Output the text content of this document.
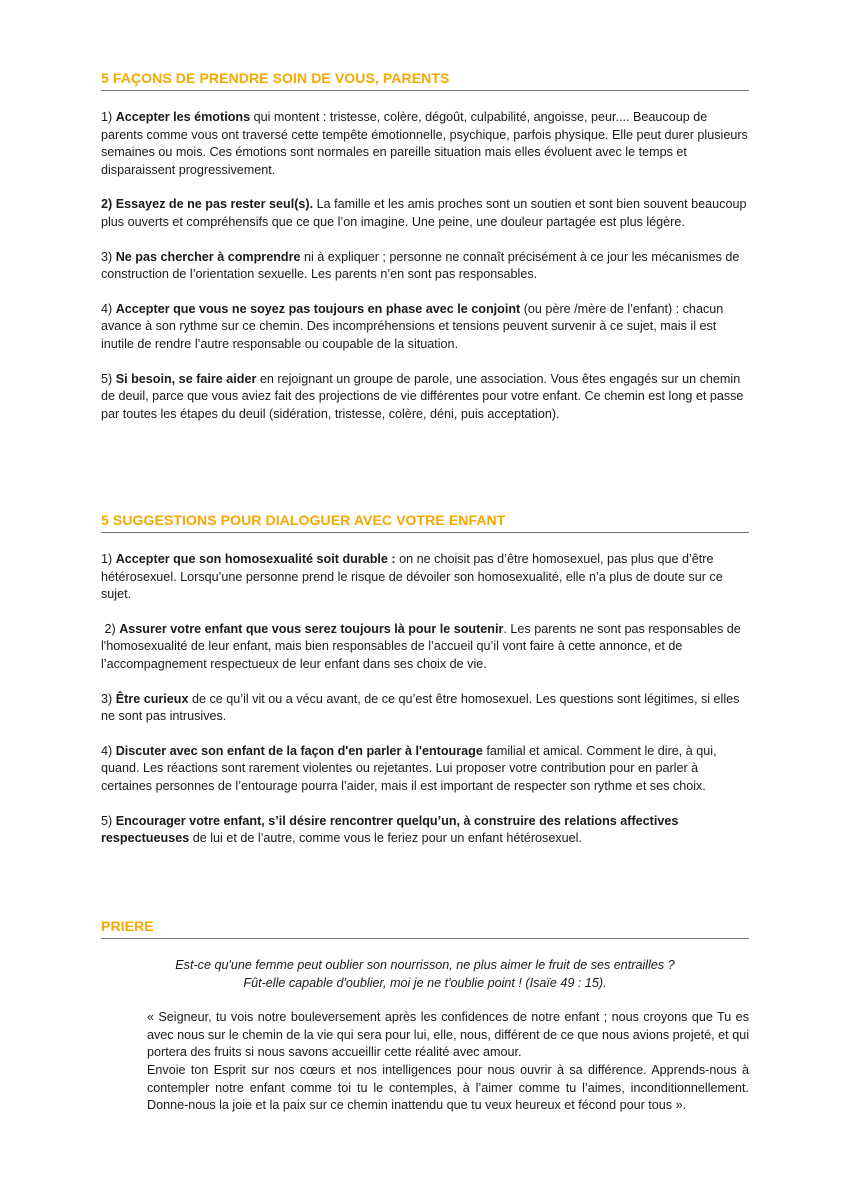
5 FAÇONS DE PRENDRE SOIN DE VOUS, PARENTS

1) Accepter les émotions qui montent : tristesse, colère, dégoût, culpabilité, angoisse, peur.... Beaucoup de parents comme vous ont traversé cette tempête émotionnelle, psychique, parfois physique. Elle peut durer plusieurs semaines ou mois. Ces émotions sont normales en pareille situation mais elles évoluent avec le temps et disparaissent progressivement.

2) Essayez de ne pas rester seul(s). La famille et les amis proches sont un soutien et sont bien souvent beaucoup plus ouverts et compréhensifs que ce que l’on imagine. Une peine, une douleur partagée est plus légère.

3) Ne pas chercher à comprendre ni à expliquer ; personne ne connaît précisément à ce jour les mécanismes de construction de l’orientation sexuelle. Les parents n’en sont pas responsables.

4) Accepter que vous ne soyez pas toujours en phase avec le conjoint (ou père /mère de l’enfant) : chacun avance à son rythme sur ce chemin. Des incompréhensions et tensions peuvent survenir à ce sujet, mais il est inutile de rendre l’autre responsable ou coupable de la situation.

5) Si besoin, se faire aider en rejoignant un groupe de parole, une association. Vous êtes engagés sur un chemin de deuil, parce que vous aviez fait des projections de vie différentes pour votre enfant. Ce chemin est long et passe par toutes les étapes du deuil (sidération, tristesse, colère, déni, puis acceptation).

5 SUGGESTIONS POUR DIALOGUER AVEC VOTRE ENFANT

1) Accepter que son homosexualité soit durable : on ne choisit pas d’être homosexuel, pas plus que d’être hétérosexuel. Lorsqu’une personne prend le risque de dévoiler son homosexualité, elle n’a plus de doute sur ce sujet.

2) Assurer votre enfant que vous serez toujours là pour le soutenir. Les parents ne sont pas responsables de l'homosexualité de leur enfant, mais bien responsables de l’accueil qu’il vont faire à cette annonce, et de l’accompagnement respectueux de leur enfant dans ses choix de vie.

3) Être curieux de ce qu’il vit ou a vécu avant, de ce qu’est être homosexuel. Les questions sont légitimes, si elles ne sont pas intrusives.

4) Discuter avec son enfant de la façon d'en parler à l'entourage familial et amical. Comment le dire, à qui, quand. Les réactions sont rarement violentes ou rejetantes. Lui proposer votre contribution pour en parler à certaines personnes de l’entourage pourra l’aider, mais il est important de respecter son rythme et ses choix.

5) Encourager votre enfant, s’il désire rencontrer quelqu’un, à construire des relations affectives respectueuses de lui et de l’autre, comme vous le feriez pour un enfant hétérosexuel.

PRIERE
Est-ce qu'une femme peut oublier son nourrisson, ne plus aimer le fruit de ses entrailles ?
Fût-elle capable d'oublier, moi je ne t'oublie point ! (Isaïe 49 : 15).

« Seigneur, tu vois notre bouleversement après les confidences de notre enfant ; nous croyons que Tu es avec nous sur le chemin de la vie qui sera pour lui, elle, nous, différent de ce que nous avions projeté, et qui portera des fruits si nous savons accueillir cette réalité avec amour.

Envoie ton Esprit sur nos cœurs et nos intelligences pour nous ouvrir à sa différence. Apprends-nous à contempler notre enfant comme toi tu le contemples, à l’aimer comme tu l’aimes, inconditionnellement. Donne-nous la joie et la paix sur ce chemin inattendu que tu veux heureux et fécond pour tous ».
